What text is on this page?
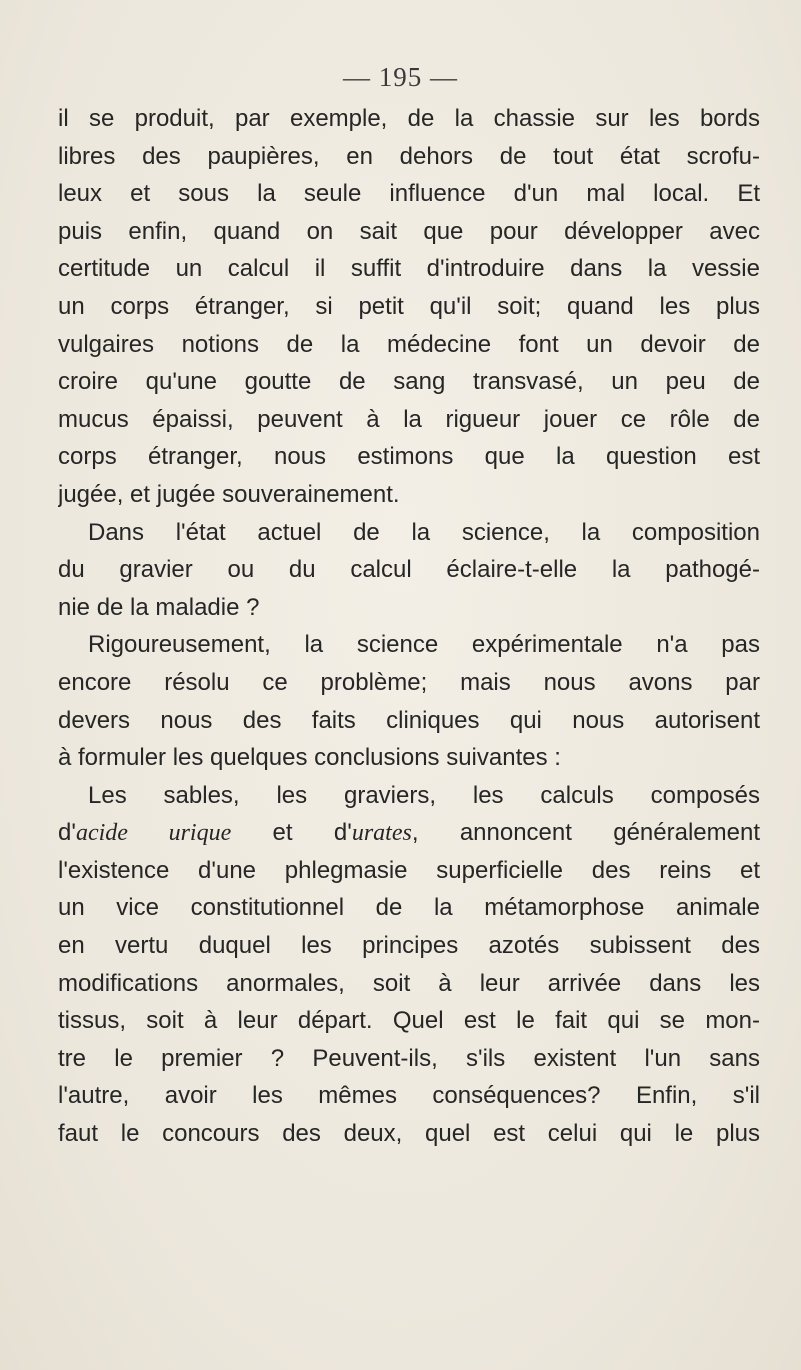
— 195 —
il se produit, par exemple, de la chassie sur les bords
libres des paupières, en dehors de tout état scrofu-
leux et sous la seule influence d'un mal local. Et
puis enfin, quand on sait que pour développer avec
certitude un calcul il suffit d'introduire dans la vessie
un corps étranger, si petit qu'il soit; quand les plus
vulgaires notions de la médecine font un devoir de
croire qu'une goutte de sang transvasé, un peu de
mucus épaissi, peuvent à la rigueur jouer ce rôle de
corps étranger, nous estimons que la question est
jugée, et jugée souverainement.
Dans l'état actuel de la science, la composition
du gravier ou du calcul éclaire-t-elle la pathogé-
nie de la maladie ?
Rigoureusement, la science expérimentale n'a pas
encore résolu ce problème; mais nous avons par
devers nous des faits cliniques qui nous autorisent
à formuler les quelques conclusions suivantes :
Les sables, les graviers, les calculs composés
d'acide urique et d'urates, annoncent généralement
l'existence d'une phlegmasie superficielle des reins et
un vice constitutionnel de la métamorphose animale
en vertu duquel les principes azotés subissent des
modifications anormales, soit à leur arrivée dans les
tissus, soit à leur départ. Quel est le fait qui se mon-
tre le premier ? Peuvent-ils, s'ils existent l'un sans
l'autre, avoir les mêmes conséquences? Enfin, s'il
faut le concours des deux, quel est celui qui le plus
